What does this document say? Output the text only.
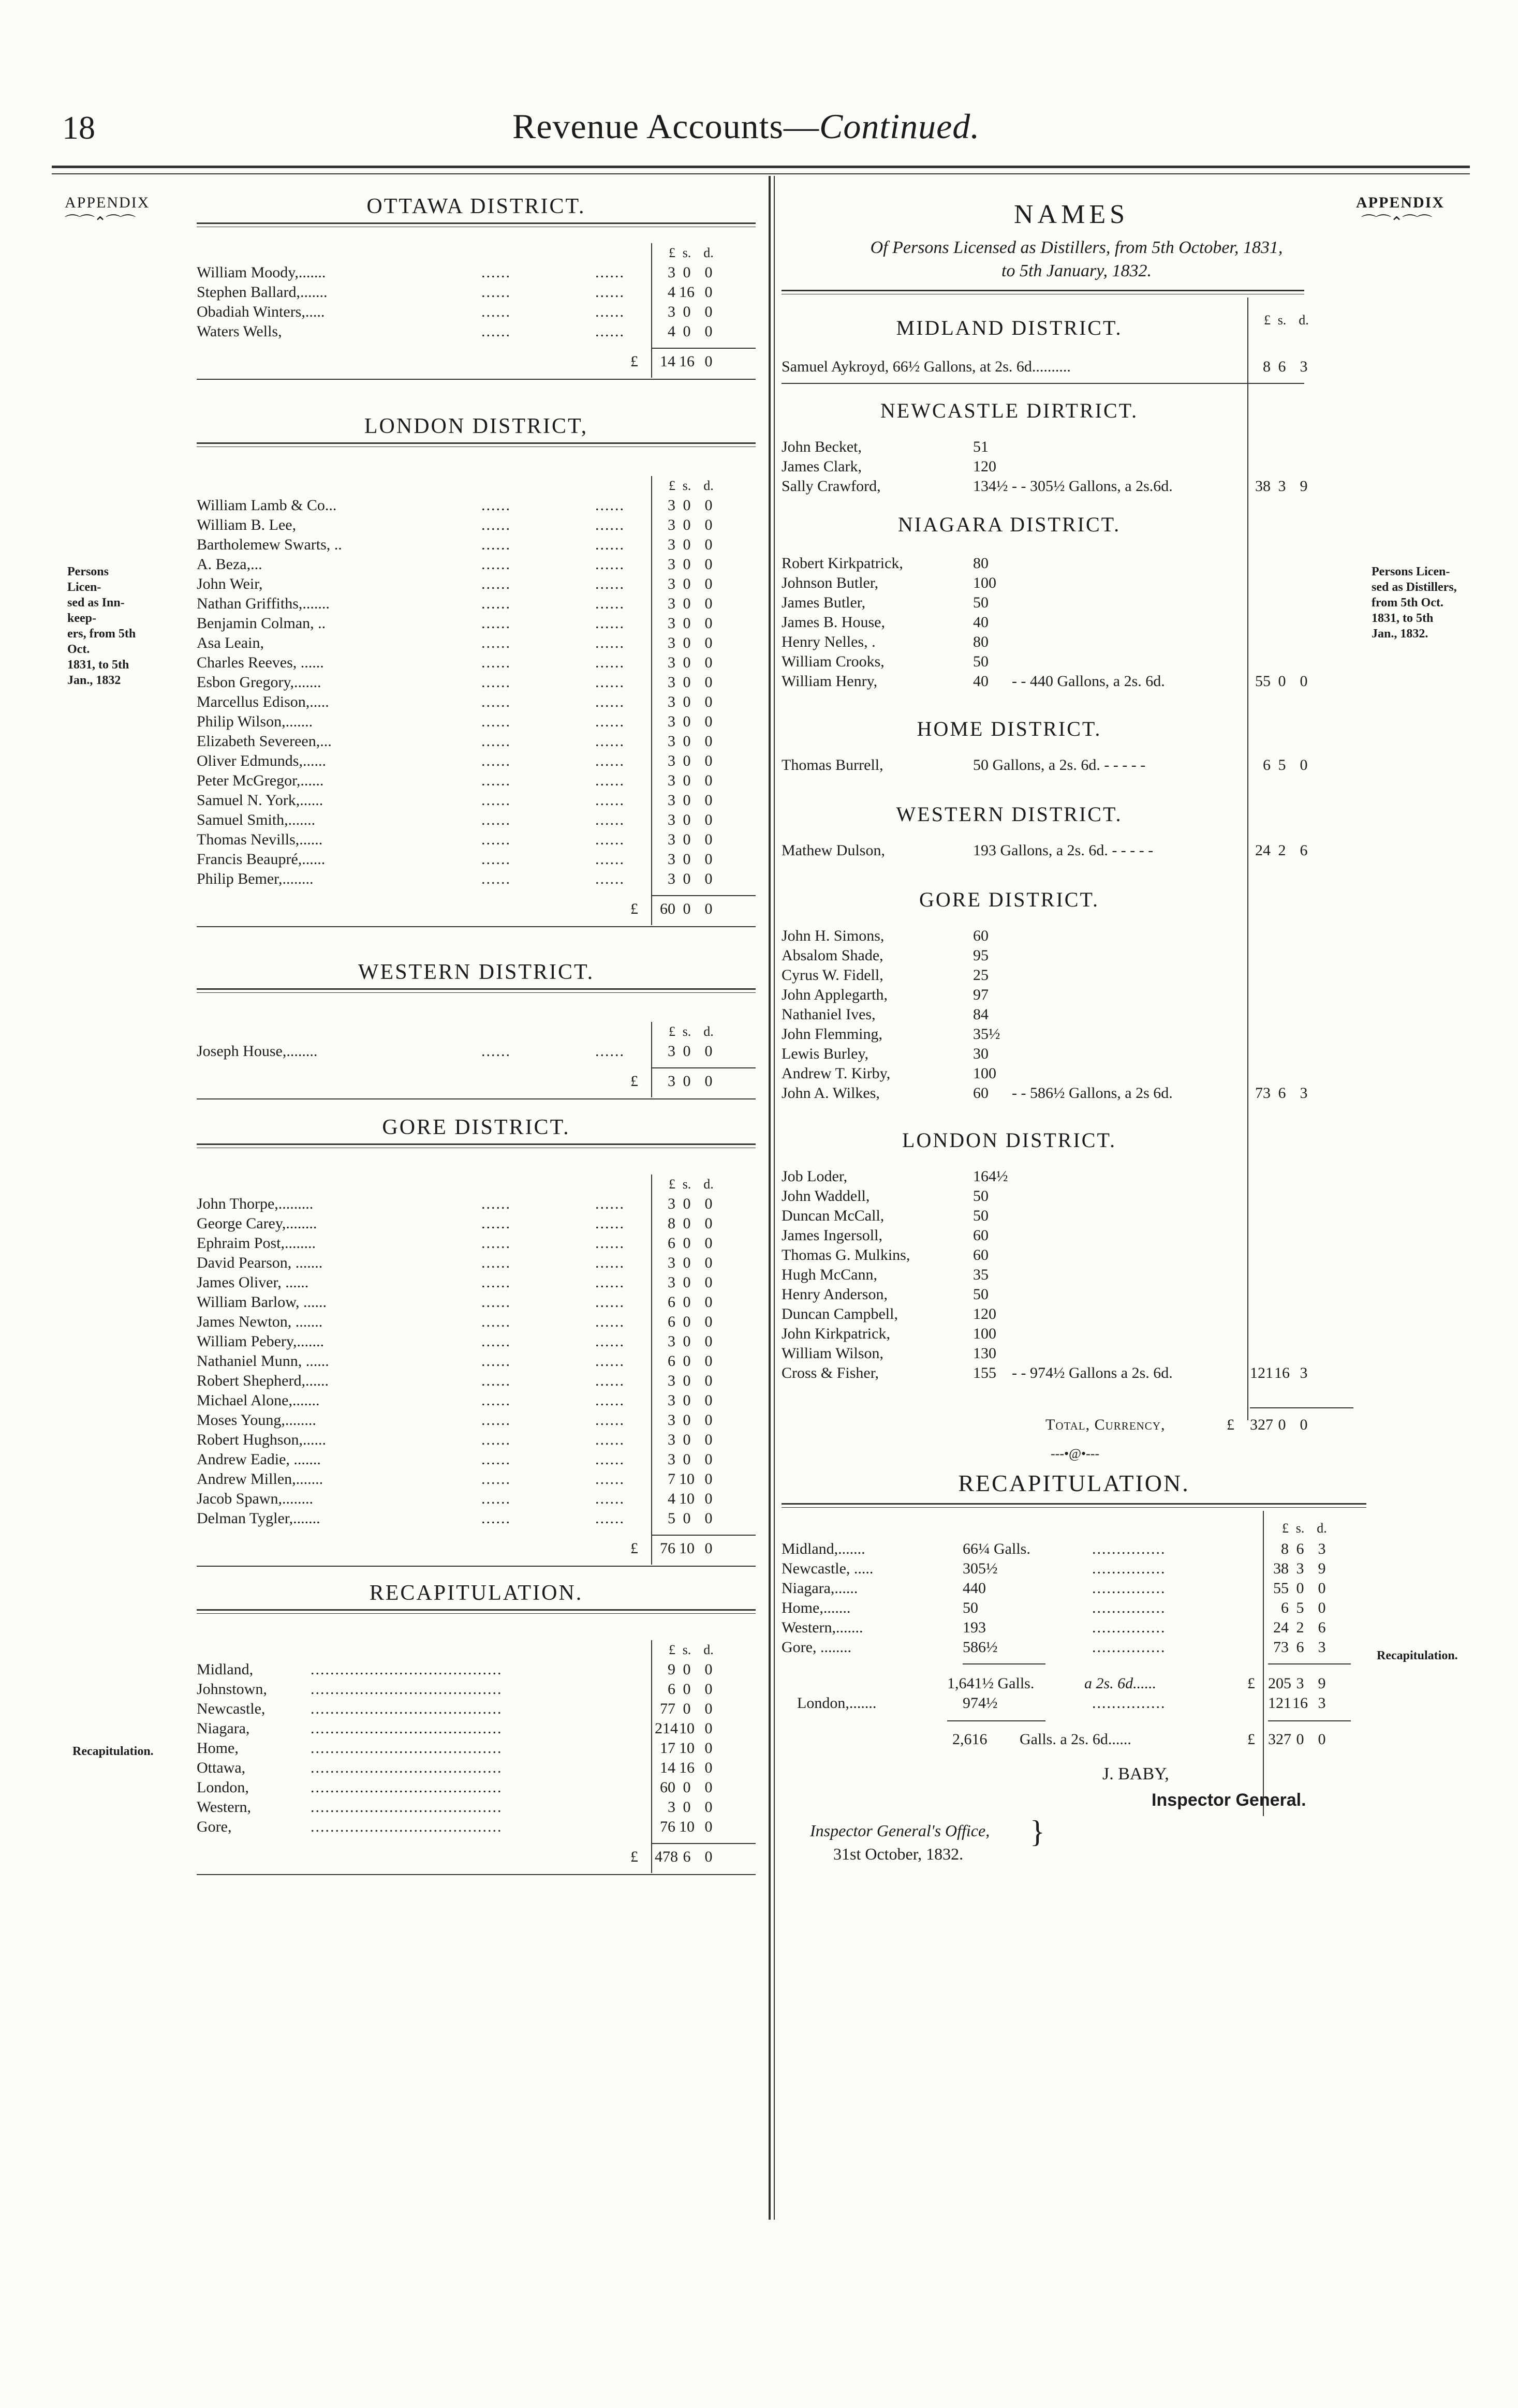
18	Revenue Accounts—Continued.
APPENDIX
⌒⌒⌃⌒⌒
Persons Licen-
sed as Inn-keep-
ers, from 5th Oct.
1831, to 5th
Jan., 1832
Recapitulation.
OTTAWA DISTRICT.
£ s. d.
William Moody,.......	......	......	3 0 0
Stephen Ballard,.......	......	......	4 16 0
Obadiah Winters,.....	......	......	3 0 0
Waters Wells,	......	......	4 0 0
£	14 16 0
LONDON DISTRICT,
£ s. d.
William Lamb & Co...	......	......	3 0 0
William B. Lee,	......	......	3 0 0
Bartholemew Swarts, ..	......	......	3 0 0
A. Beza,...	......	......	3 0 0
John Weir,	......	......	3 0 0
Nathan Griffiths,.......	......	......	3 0 0
Benjamin Colman, ..	......	......	3 0 0
Asa Leain,	......	......	3 0 0
Charles Reeves, ......	......	......	3 0 0
Esbon Gregory,.......	......	......	3 0 0
Marcellus Edison,.....	......	......	3 0 0
Philip Wilson,.......	......	......	3 0 0
Elizabeth Severeen,...	......	......	3 0 0
Oliver Edmunds,......	......	......	3 0 0
Peter McGregor,......	......	......	3 0 0
Samuel N. York,......	......	......	3 0 0
Samuel Smith,.......	......	......	3 0 0
Thomas Nevills,......	......	......	3 0 0
Francis Beaupré,......	......	......	3 0 0
Philip Bemer,........	......	......	3 0 0
£	60 0 0
WESTERN DISTRICT.
£ s. d.
Joseph House,........	......	......	3 0 0
£	3 0 0
GORE DISTRICT.
£ s. d.
John Thorpe,.........	......	......	3 0 0
George Carey,........	......	......	8 0 0
Ephraim Post,........	......	......	6 0 0
David Pearson, .......	......	......	3 0 0
James Oliver, ......	......	......	3 0 0
William Barlow, ......	......	......	6 0 0
James Newton, .......	......	......	6 0 0
William Pebery,.......	......	......	3 0 0
Nathaniel Munn, ......	......	......	6 0 0
Robert Shepherd,......	......	......	3 0 0
Michael Alone,.......	......	......	3 0 0
Moses Young,........	......	......	3 0 0
Robert Hughson,......	......	......	3 0 0
Andrew Eadie, .......	......	......	3 0 0
Andrew Millen,.......	......	......	7 10 0
Jacob Spawn,........	......	......	4 10 0
Delman Tygler,.......	......	......	5 0 0
£	76 10 0
RECAPITULATION.
£ s. d.
Midland,	.......................................	9 0 0
Johnstown,	.......................................	6 0 0
Newcastle,	.......................................	77 0 0
Niagara,	.......................................	214 10 0
Home,	.......................................	17 10 0
Ottawa,	.......................................	14 16 0
London,	.......................................	60 0 0
Western,	.......................................	3 0 0
Gore,	.......................................	76 10 0
£ 478 6 0
APPENDIX
⌒⌒⌃⌒⌒
Persons Licen-
sed as Distillers,
from 5th Oct.
1831, to 5th
Jan., 1832.
Recapitulation.
NAMES
Of Persons Licensed as Distillers, from 5th October, 1831,
to 5th January, 1832.
£ s. d.
MIDLAND DISTRICT.
Samuel Aykroyd, 66½ Gallons, at 2s. 6d..........	8 6 3
NEWCASTLE DIRTRICT.
John Becket,	51
James Clark,	120
Sally Crawford,	134½ - - 305½ Gallons, a 2s.6d.	38 3 9
NIAGARA DISTRICT.
Robert Kirkpatrick,	80
Johnson Butler,	100
James Butler,	50
James B. House,	40
Henry Nelles, .	80
William Crooks,	50
William Henry,	40 - - 440 Gallons, a 2s. 6d.	55 0 0
HOME DISTRICT.
Thomas Burrell,	50 Gallons, a 2s. 6d. - - - - -	6 5 0
WESTERN DISTRICT.
Mathew Dulson,	193 Gallons, a 2s. 6d. - - - - -	24 2 6
GORE DISTRICT.
John H. Simons,	60
Absalom Shade,	95
Cyrus W. Fidell,	25
John Applegarth,	97
Nathaniel Ives,	84
John Flemming,	35½
Lewis Burley,	30
Andrew T. Kirby,	100
John A. Wilkes,	60 - - 586½ Gallons, a 2s 6d.	73 6 3
LONDON DISTRICT.
Job Loder,	164½
John Waddell,	50
Duncan McCall,	50
James Ingersoll,	60
Thomas G. Mulkins,	60
Hugh McCann,	35
Henry Anderson,	50
Duncan Campbell,	120
John Kirkpatrick,	100
William Wilson,	130
Cross & Fisher,	155 - - 974½ Gallons a 2s. 6d.	121 16 3
Total, Currency,	£ 327 0 0
---•@•---
RECAPITULATION.
£ s. d.
Midland,.......	66¼ Galls.	...............	8 6 3
Newcastle, .....	305½	...............	38 3 9
Niagara,......	440	...............	55 0 0
Home,.......	50	...............	6 5 0
Western,.......	193	...............	24 2 6
Gore, ........	586½	...............	73 6 3
1,641½ Galls.	a 2s. 6d......	£ 205 3 9
London,.......	974½	...............	121 16 3
2,616 Galls. a 2s. 6d......	£ 327 0 0
J. BABY,
Inspector General.
Inspector General's Office,
31st October, 1832.
}
